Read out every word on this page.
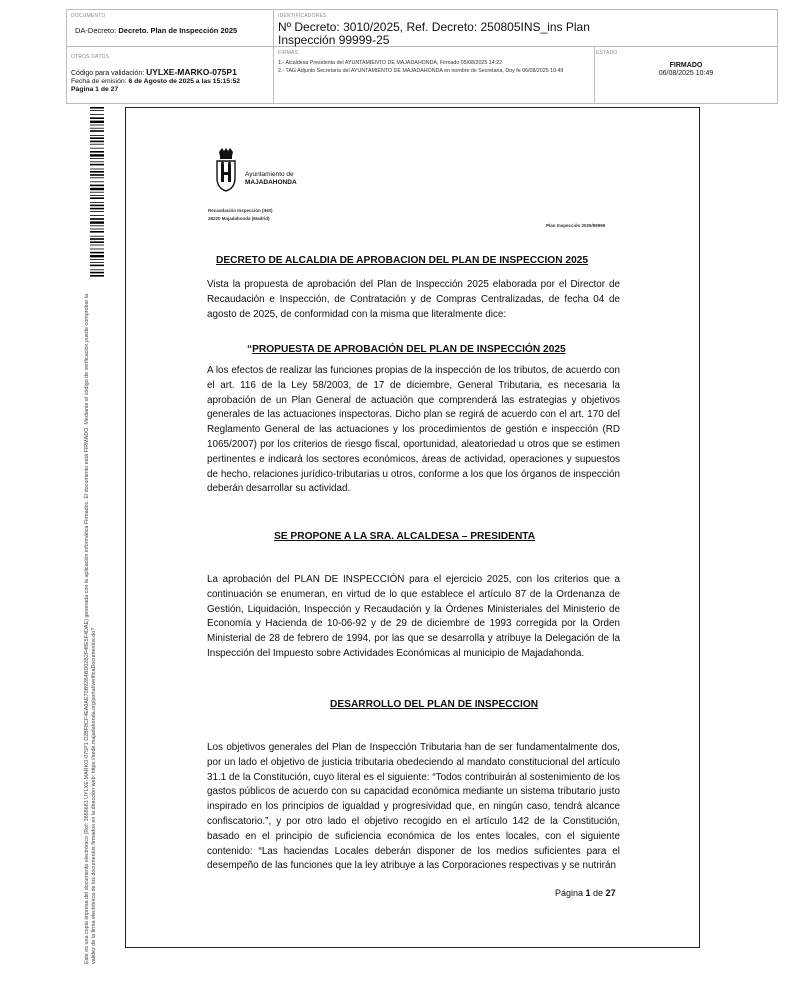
DOCUMENTO
DA-Decreto: Decreto. Plan de Inspección 2025
IDENTIFICADORES
Nº Decreto: 3010/2025, Ref. Decreto: 250805INS_ins Plan Inspección 99999-25
OTROS DATOS
Código para validación: UYLXE-MARKO-075P1
Fecha de emisión: 6 de Agosto de 2025 a las 15:15:52
Página 1 de 27
FIRMAS
1.- Alcaldesa Presidenta del AYUNTAMIENTO DE MAJADAHONDA, Firmado 05/08/2025 14:22
2.- TAG Adjunto Secretaría del AYUNTAMIENTO DE MAJADAHONDA en nombre de Secretaria, Doy fe 06/08/2025 10:49
ESTADO
FIRMADO
06/08/2025 10:49
Este es una copia impresa del documento electrónico (Ref: 3888681 UYLXE-MARKO-075P1 D2BF8CF4EA0AE70B92B4BD02B2F48E5F4DAE) generada con la aplicación informática Firmadoc. El documento está FIRMADO. Mediante el código de verificación puede comprobar la validez de la firma electrónica de los documentos firmados en la dirección web: https://sede.majadahonda.org/portal/verificaDocumentos.do?
Ayuntamiento de
MAJADAHONDA
Recaudación Inspección (INS)
28220 Majadahonda (Madrid)
Plan Inspección 2025/99999
DECRETO DE ALCALDIA DE APROBACION DEL PLAN DE INSPECCION 2025
Vista la propuesta de aprobación del Plan de Inspección 2025 elaborada por el Director de Recaudación e Inspección, de Contratación y de Compras Centralizadas, de fecha 04 de agosto de 2025, de conformidad con la misma que literalmente dice:
“PROPUESTA DE APROBACIÓN DEL PLAN DE INSPECCIÓN 2025
A los efectos de realizar las funciones propias de la inspección de los tributos, de acuerdo con el art. 116 de la Ley 58/2003, de 17 de diciembre, General Tributaria, es necesaria la aprobación de un Plan General de actuación que comprenderá las estrategias y objetivos generales de las actuaciones inspectoras. Dicho plan se regirá de acuerdo con el art. 170 del Reglamento General de las actuaciones y los procedimientos de gestión e inspección (RD 1065/2007) por los criterios de riesgo fiscal, oportunidad, aleatoriedad u otros que se estimen pertinentes e indicará los sectores económicos, áreas de actividad, operaciones y supuestos de hecho, relaciones jurídico-tributarias u otros, conforme a los que los órganos de inspección deberán desarrollar su actividad.
SE PROPONE A LA SRA. ALCALDESA – PRESIDENTA
La aprobación del PLAN DE INSPECCIÓN para el ejercicio 2025, con los criterios que a continuación se enumeran, en virtud de lo que establece el artículo 87 de la Ordenanza de Gestión, Liquidación, Inspección y Recaudación y la Órdenes Ministeriales del Ministerio de Economía y Hacienda de 10-06-92 y de 29 de diciembre de 1993 corregida por la Orden Ministerial de 28 de febrero de 1994, por las que se desarrolla y atribuye la Delegación de la Inspección del Impuesto sobre Actividades Económicas al municipio de Majadahonda.
DESARROLLO DEL PLAN DE INSPECCION
Los objetivos generales del Plan de Inspección Tributaria han de ser fundamentalmente dos, por un lado el objetivo de justicia tributaria obedeciendo al mandato constitucional del artículo 31.1 de la Constitución, cuyo literal es el siguiente: “Todos contribuirán al sostenimiento de los gastos públicos de acuerdo con su capacidad económica mediante un sistema tributario justo inspirado en los principios de igualdad y progresividad que, en ningún caso, tendrá alcance confiscatorio.”, y por otro lado el objetivo recogido en el artículo 142 de la Constitución, basado en el principio de suficiencia económica de los entes locales, con el siguiente contenido: “Las haciendas Locales deberán disponer de los medios suficientes para el desempeño de las funciones que la ley atribuye a las Corporaciones respectivas y se nutrirán
Página 1 de 27
